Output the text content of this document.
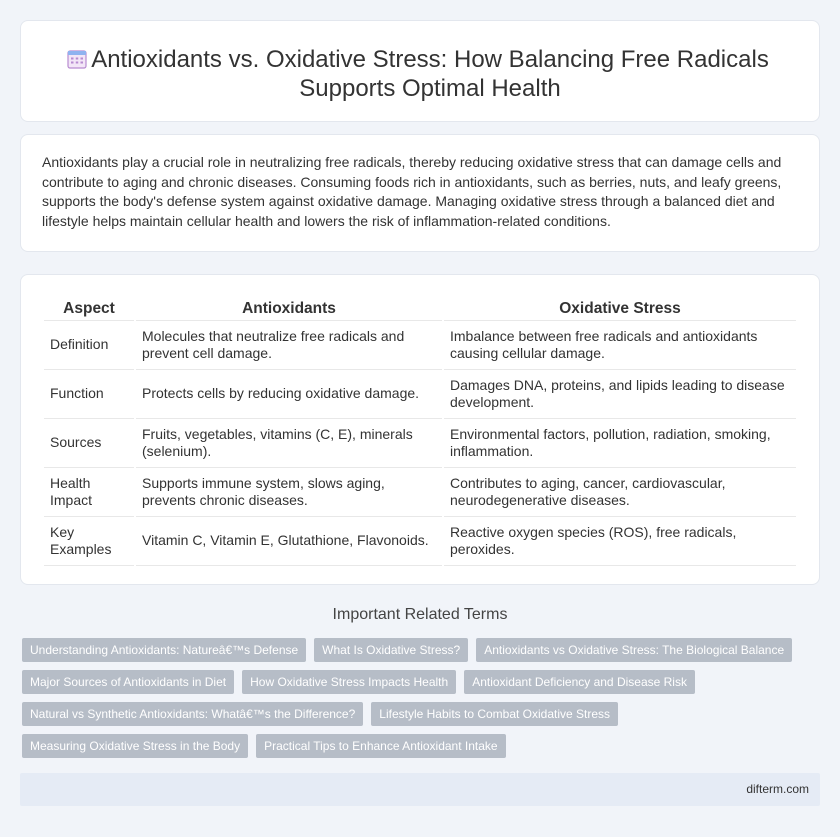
Antioxidants vs. Oxidative Stress: How Balancing Free Radicals Supports Optimal Health

Antioxidants play a crucial role in neutralizing free radicals, thereby reducing oxidative stress that can damage cells and contribute to aging and chronic diseases. Consuming foods rich in antioxidants, such as berries, nuts, and leafy greens, supports the body's defense system against oxidative damage. Managing oxidative stress through a balanced diet and lifestyle helps maintain cellular health and lowers the risk of inflammation-related conditions.

Aspect	Antioxidants	Oxidative Stress
Definition	Molecules that neutralize free radicals and prevent cell damage.	Imbalance between free radicals and antioxidants causing cellular damage.
Function	Protects cells by reducing oxidative damage.	Damages DNA, proteins, and lipids leading to disease development.
Sources	Fruits, vegetables, vitamins (C, E), minerals (selenium).	Environmental factors, pollution, radiation, smoking, inflammation.
Health Impact	Supports immune system, slows aging, prevents chronic diseases.	Contributes to aging, cancer, cardiovascular, neurodegenerative diseases.
Key Examples	Vitamin C, Vitamin E, Glutathione, Flavonoids.	Reactive oxygen species (ROS), free radicals, peroxides.
Important Related Terms
Understanding Antioxidants: Natureâ€™s Defense	What Is Oxidative Stress?	Antioxidants vs Oxidative Stress: The Biological Balance
Major Sources of Antioxidants in Diet	How Oxidative Stress Impacts Health	Antioxidant Deficiency and Disease Risk
Natural vs Synthetic Antioxidants: Whatâ€™s the Difference?	Lifestyle Habits to Combat Oxidative Stress
Measuring Oxidative Stress in the Body	Practical Tips to Enhance Antioxidant Intake
difterm.com
